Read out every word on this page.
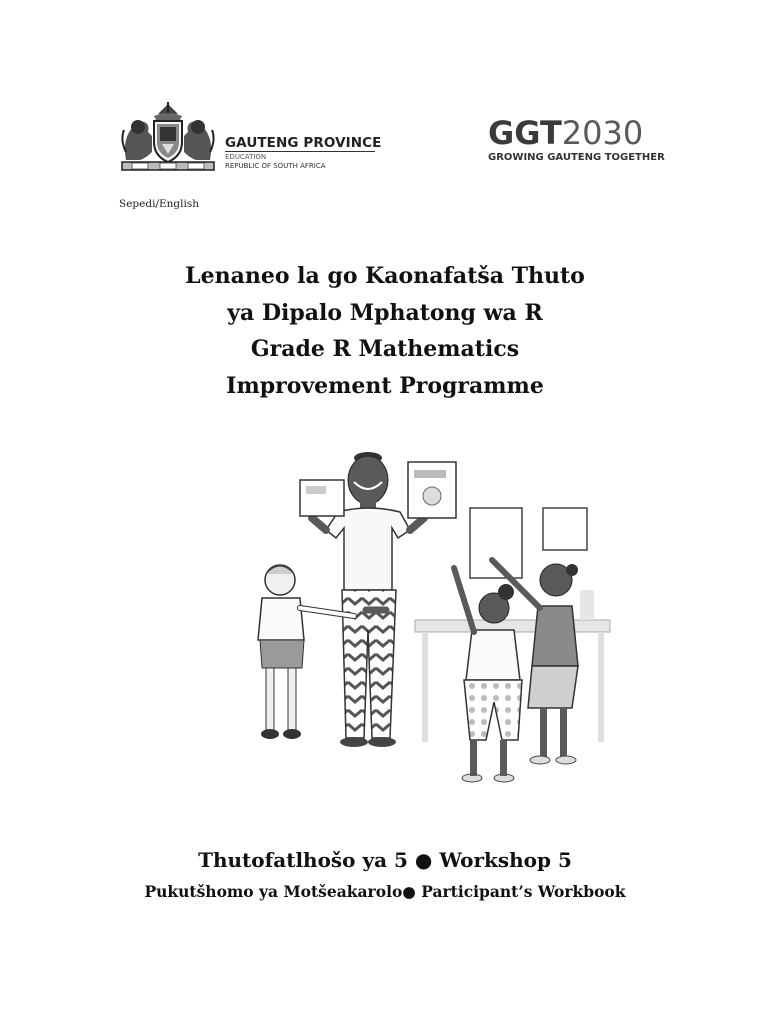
GAUTENG PROVINCE
EDUCATION
REPUBLIC OF SOUTH AFRICA
GGT2030
GROWING GAUTENG TOGETHER
Sepedi/English
Lenaneo la go Kaonafatša Thuto
ya Dipalo Mphatong wa R
Grade R Mathematics
Improvement Programme
Thutofatlhošo ya 5 ● Workshop 5
Pukutšhomo ya Motšeakarolo● Participant’s Workbook
